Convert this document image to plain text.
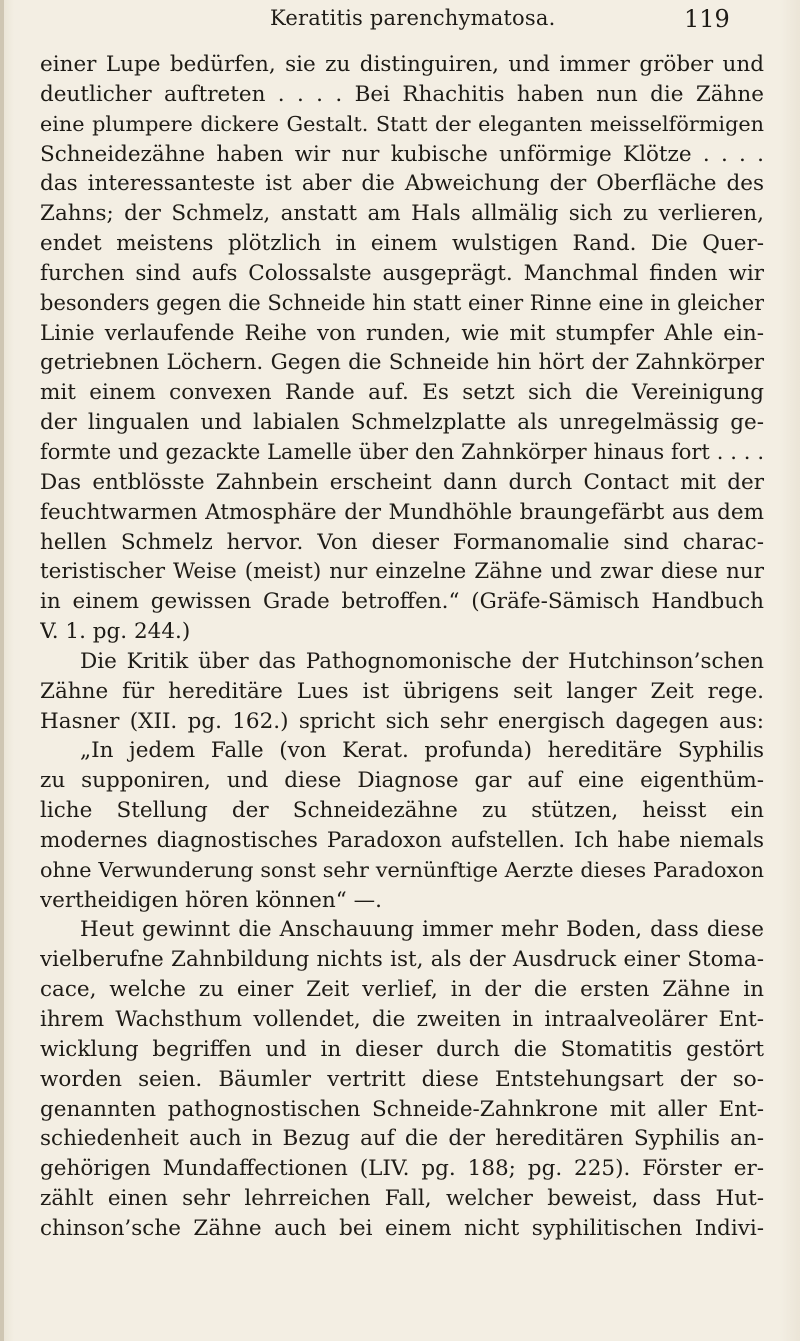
Keratitis parenchymatosa.	119
einer Lupe bedürfen, sie zu distinguiren, und immer gröber und
deutlicher auftreten . . . . Bei Rhachitis haben nun die Zähne
eine plumpere dickere Gestalt. Statt der eleganten meisselförmigen
Schneidezähne haben wir nur kubische unförmige Klötze . . . .
das interessanteste ist aber die Abweichung der Oberfläche des
Zahns; der Schmelz, anstatt am Hals allmälig sich zu verlieren,
endet meistens plötzlich in einem wulstigen Rand. Die Quer-
furchen sind aufs Colossalste ausgeprägt. Manchmal finden wir
besonders gegen die Schneide hin statt einer Rinne eine in gleicher
Linie verlaufende Reihe von runden, wie mit stumpfer Ahle ein-
getriebnen Löchern. Gegen die Schneide hin hört der Zahnkörper
mit einem convexen Rande auf. Es setzt sich die Vereinigung
der lingualen und labialen Schmelzplatte als unregelmässig ge-
formte und gezackte Lamelle über den Zahnkörper hinaus fort . . . .
Das entblösste Zahnbein erscheint dann durch Contact mit der
feuchtwarmen Atmosphäre der Mundhöhle braungefärbt aus dem
hellen Schmelz hervor. Von dieser Formanomalie sind charac-
teristischer Weise (meist) nur einzelne Zähne und zwar diese nur
in einem gewissen Grade betroffen.“ (Gräfe-Sämisch Handbuch
V. 1. pg. 244.)
Die Kritik über das Pathognomonische der Hutchinson’schen
Zähne für hereditäre Lues ist übrigens seit langer Zeit rege.
Hasner (XII. pg. 162.) spricht sich sehr energisch dagegen aus:
„In jedem Falle (von Kerat. profunda) hereditäre Syphilis
zu supponiren, und diese Diagnose gar auf eine eigenthüm-
liche Stellung der Schneidezähne zu stützen, heisst ein
modernes diagnostisches Paradoxon aufstellen. Ich habe niemals
ohne Verwunderung sonst sehr vernünftige Aerzte dieses Paradoxon
vertheidigen hören können“ —.
Heut gewinnt die Anschauung immer mehr Boden, dass diese
vielberufne Zahnbildung nichts ist, als der Ausdruck einer Stoma-
cace, welche zu einer Zeit verlief, in der die ersten Zähne in
ihrem Wachsthum vollendet, die zweiten in intraalveolärer Ent-
wicklung begriffen und in dieser durch die Stomatitis gestört
worden seien. Bäumler vertritt diese Entstehungsart der so-
genannten pathognostischen Schneide-Zahnkrone mit aller Ent-
schiedenheit auch in Bezug auf die der hereditären Syphilis an-
gehörigen Mundaffectionen (LIV. pg. 188; pg. 225). Förster er-
zählt einen sehr lehrreichen Fall, welcher beweist, dass Hut-
chinson’sche Zähne auch bei einem nicht syphilitischen Indivi-
